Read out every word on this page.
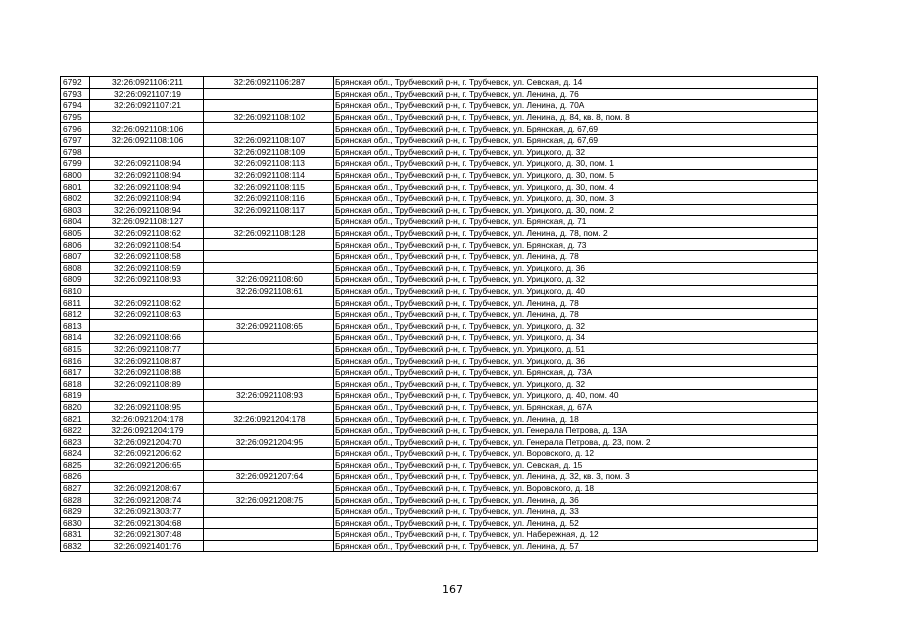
6792	32:26:0921106:211	32:26:0921106:287	Брянская обл., Трубчевский р-н, г. Трубчевск, ул. Севская, д. 14
6793	32:26:0921107:19		Брянская обл., Трубчевский р-н, г. Трубчевск, ул. Ленина, д. 76
6794	32:26:0921107:21		Брянская обл., Трубчевский р-н, г. Трубчевск, ул. Ленина, д. 70А
6795		32:26:0921108:102	Брянская обл., Трубчевский р-н, г. Трубчевск, ул. Ленина, д. 84, кв. 8, пом. 8
6796	32:26:0921108:106		Брянская обл., Трубчевский р-н, г. Трубчевск, ул. Брянская, д. 67,69
6797	32:26:0921108:106	32:26:0921108:107	Брянская обл., Трубчевский р-н, г. Трубчевск, ул. Брянская, д. 67,69
6798		32:26:0921108:109	Брянская обл., Трубчевский р-н, г. Трубчевск, ул. Урицкого, д. 32
6799	32:26:0921108:94	32:26:0921108:113	Брянская обл., Трубчевский р-н, г. Трубчевск, ул. Урицкого, д. 30, пом. 1
6800	32:26:0921108:94	32:26:0921108:114	Брянская обл., Трубчевский р-н, г. Трубчевск, ул. Урицкого, д. 30, пом. 5
6801	32:26:0921108:94	32:26:0921108:115	Брянская обл., Трубчевский р-н, г. Трубчевск, ул. Урицкого, д. 30, пом. 4
6802	32:26:0921108:94	32:26:0921108:116	Брянская обл., Трубчевский р-н, г. Трубчевск, ул. Урицкого, д. 30, пом. 3
6803	32:26:0921108:94	32:26:0921108:117	Брянская обл., Трубчевский р-н, г. Трубчевск, ул. Урицкого, д. 30, пом. 2
6804	32:26:0921108:127		Брянская обл., Трубчевский р-н, г. Трубчевск, ул. Брянская, д. 71
6805	32:26:0921108:62	32:26:0921108:128	Брянская обл., Трубчевский р-н, г. Трубчевск, ул. Ленина, д. 78, пом. 2
6806	32:26:0921108:54		Брянская обл., Трубчевский р-н, г. Трубчевск, ул. Брянская, д. 73
6807	32:26:0921108:58		Брянская обл., Трубчевский р-н, г. Трубчевск, ул. Ленина, д. 78
6808	32:26:0921108:59		Брянская обл., Трубчевский р-н, г. Трубчевск, ул. Урицкого, д. 36
6809	32:26:0921108:93	32:26:0921108:60	Брянская обл., Трубчевский р-н, г. Трубчевск, ул. Урицкого, д. 32
6810		32:26:0921108:61	Брянская обл., Трубчевский р-н, г. Трубчевск, ул. Урицкого, д. 40
6811	32:26:0921108:62		Брянская обл., Трубчевский р-н, г. Трубчевск, ул. Ленина, д. 78
6812	32:26:0921108:63		Брянская обл., Трубчевский р-н, г. Трубчевск, ул. Ленина, д. 78
6813		32:26:0921108:65	Брянская обл., Трубчевский р-н, г. Трубчевск, ул. Урицкого, д. 32
6814	32:26:0921108:66		Брянская обл., Трубчевский р-н, г. Трубчевск, ул. Урицкого, д. 34
6815	32:26:0921108:77		Брянская обл., Трубчевский р-н, г. Трубчевск, ул. Урицкого, д. 51
6816	32:26:0921108:87		Брянская обл., Трубчевский р-н, г. Трубчевск, ул. Урицкого, д. 36
6817	32:26:0921108:88		Брянская обл., Трубчевский р-н, г. Трубчевск, ул. Брянская, д. 73А
6818	32:26:0921108:89		Брянская обл., Трубчевский р-н, г. Трубчевск, ул. Урицкого, д. 32
6819		32:26:0921108:93	Брянская обл., Трубчевский р-н, г. Трубчевск, ул. Урицкого, д. 40, пом. 40
6820	32:26:0921108:95		Брянская обл., Трубчевский р-н, г. Трубчевск, ул. Брянская, д. 67А
6821	32:26:0921204:178	32:26:0921204:178	Брянская обл., Трубчевский р-н, г. Трубчевск, ул. Ленина, д. 18
6822	32:26:0921204:179		Брянская обл., Трубчевский р-н, г. Трубчевск, ул. Генерала Петрова, д. 13А
6823	32:26:0921204:70	32:26:0921204:95	Брянская обл., Трубчевский р-н, г. Трубчевск, ул. Генерала Петрова, д. 23, пом. 2
6824	32:26:0921206:62		Брянская обл., Трубчевский р-н, г. Трубчевск, ул. Воровского, д. 12
6825	32:26:0921206:65		Брянская обл., Трубчевский р-н, г. Трубчевск, ул. Севская, д. 15
6826		32:26:0921207:64	Брянская обл., Трубчевский р-н, г. Трубчевск, ул. Ленина, д. 32, кв. 3, пом. 3
6827	32:26:0921208:67		Брянская обл., Трубчевский р-н, г. Трубчевск, ул. Воровского, д. 18
6828	32:26:0921208:74	32:26:0921208:75	Брянская обл., Трубчевский р-н, г. Трубчевск, ул. Ленина, д. 36
6829	32:26:0921303:77		Брянская обл., Трубчевский р-н, г. Трубчевск, ул. Ленина, д. 33
6830	32:26:0921304:68		Брянская обл., Трубчевский р-н, г. Трубчевск, ул. Ленина, д. 52
6831	32:26:0921307:48		Брянская обл., Трубчевский р-н, г. Трубчевск, ул. Набережная, д. 12
6832	32:26:0921401:76		Брянская обл., Трубчевский р-н, г. Трубчевск, ул. Ленина, д. 57
167
